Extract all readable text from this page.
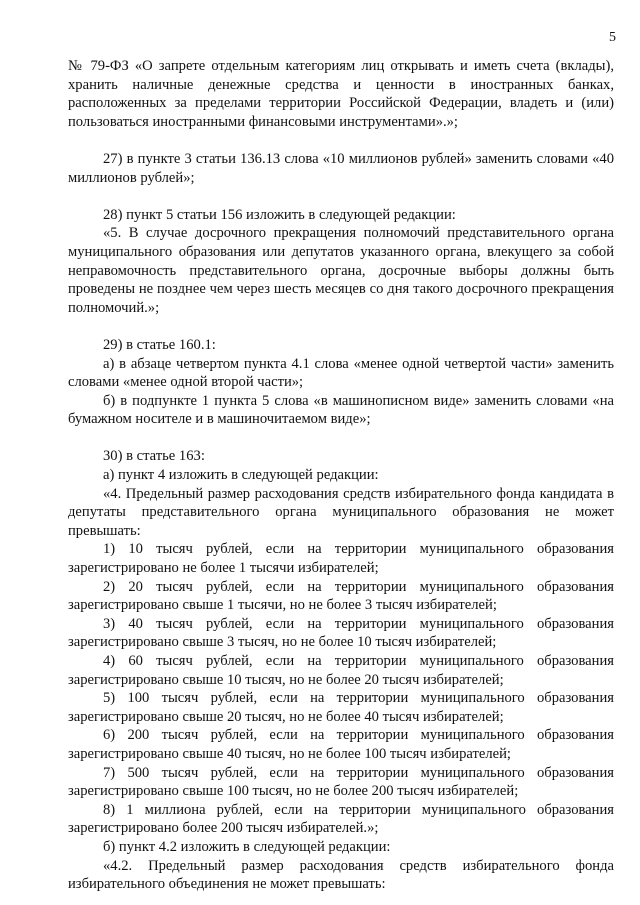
5

№ 79-ФЗ «О запрете отдельным категориям лиц открывать и иметь счета (вклады), хранить наличные денежные средства и ценности в иностранных банках, расположенных за пределами территории Российской Федерации, владеть и (или) пользоваться иностранными финансовыми инструментами».»;

27) в пункте 3 статьи 136.13 слова «10 миллионов рублей» заменить словами «40 миллионов рублей»;

28) пункт 5 статьи 156 изложить в следующей редакции:

«5. В случае досрочного прекращения полномочий представительного органа муниципального образования или депутатов указанного органа, влекущего за собой неправомочность представительного органа, досрочные выборы должны быть проведены не позднее чем через шесть месяцев со дня такого досрочного прекращения полномочий.»;

29) в статье 160.1:

а) в абзаце четвертом пункта 4.1 слова «менее одной четвертой части» заменить словами «менее одной второй части»;

б) в подпункте 1 пункта 5 слова «в машинописном виде» заменить словами «на бумажном носителе и в машиночитаемом виде»;

30) в статье 163:

а) пункт 4 изложить в следующей редакции:

«4. Предельный размер расходования средств избирательного фонда кандидата в депутаты представительного органа муниципального образования не может превышать:

1) 10 тысяч рублей, если на территории муниципального образования зарегистрировано не более 1 тысячи избирателей;

2) 20 тысяч рублей, если на территории муниципального образования зарегистрировано свыше 1 тысячи, но не более 3 тысяч избирателей;

3) 40 тысяч рублей, если на территории муниципального образования зарегистрировано свыше 3 тысяч, но не более 10 тысяч избирателей;

4) 60 тысяч рублей, если на территории муниципального образования зарегистрировано свыше 10 тысяч, но не более 20 тысяч избирателей;

5) 100 тысяч рублей, если на территории муниципального образования зарегистрировано свыше 20 тысяч, но не более 40 тысяч избирателей;

6) 200 тысяч рублей, если на территории муниципального образования зарегистрировано свыше 40 тысяч, но не более 100 тысяч избирателей;

7) 500 тысяч рублей, если на территории муниципального образования зарегистрировано свыше 100 тысяч, но не более 200 тысяч избирателей;

8) 1 миллиона рублей, если на территории муниципального образования зарегистрировано более 200 тысяч избирателей.»;

б) пункт 4.2 изложить в следующей редакции:

«4.2. Предельный размер расходования средств избирательного фонда избирательного объединения не может превышать:
